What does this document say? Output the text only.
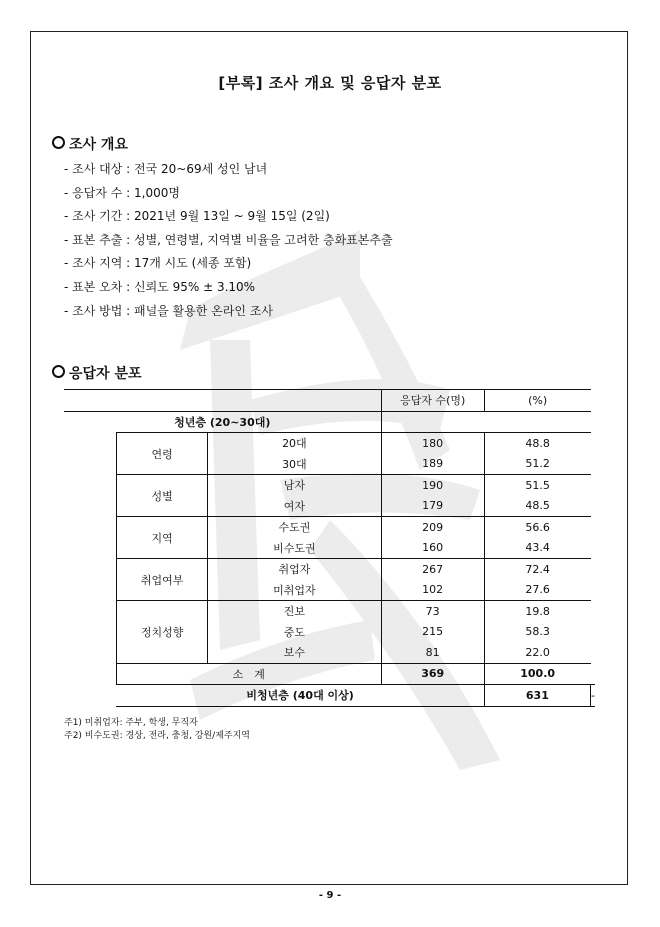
[부록] 조사 개요 및 응답자 분포
조사 개요
- 조사 대상 : 전국 20~69세 성인 남녀
- 응답자 수 : 1,000명
- 조사 기간 : 2021년 9월 13일 ~ 9월 15일 (2일)
- 표본 추출 : 성별, 연령별, 지역별 비율을 고려한 층화표본추출
- 조사 지역 : 17개 시도 (세종 포함)
- 표본 오차 : 신뢰도 95% ± 3.10%
- 조사 방법 : 패널을 활용한 온라인 조사
응답자 분포
			응답자 수(명)	(%)	
청년층 (20~30대)					
	연령	20대	180	48.8	
		30대	189	51.2	
	성별	남자	190	51.5	
		여자	179	48.5	
	지역	수도권	209	56.6	
		비수도권	160	43.4	
	취업여부	취업자	267	72.4	
		미취업자	102	27.6	
	정치성향	진보	73	19.8	
		중도	215	58.3	
		보수	81	22.0	
	소　계		369	100.0	
	비청년층 (40대 이상)			631	-
주1) 미취업자: 주부, 학생, 무직자
주2) 비수도권: 경상, 전라, 충청, 강원/제주지역
- 9 -
